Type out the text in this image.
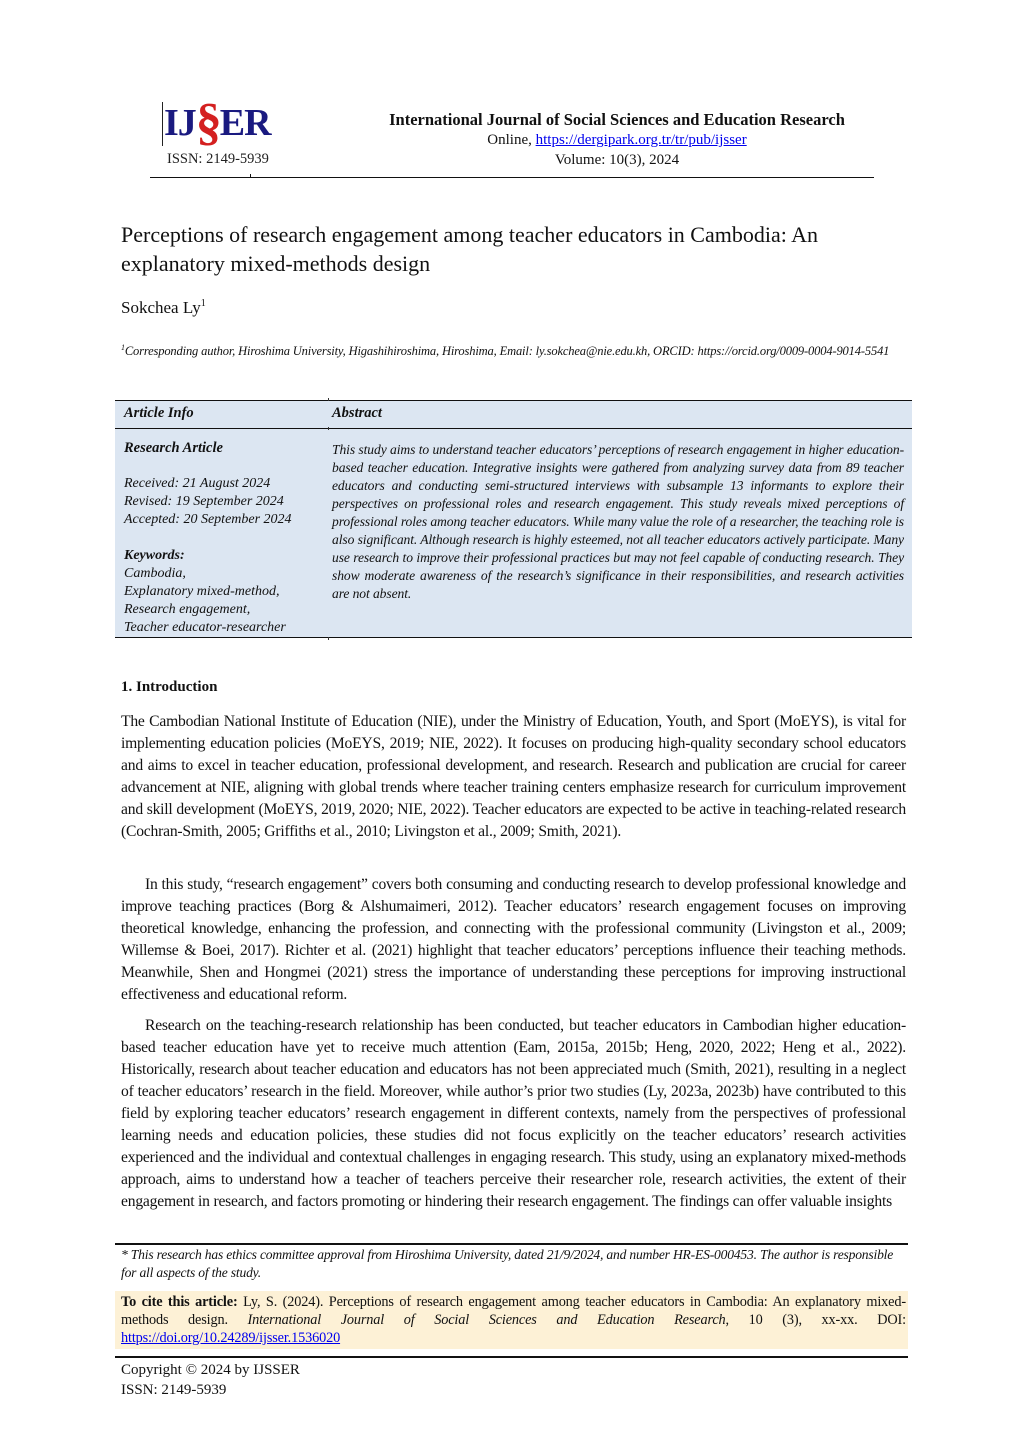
IJ§ER
ISSN: 2149-5939
International Journal of Social Sciences and Education Research
Online, https://dergipark.org.tr/tr/pub/ijsser
Volume: 10(3), 2024
Perceptions of research engagement among teacher educators in Cambodia: An explanatory mixed-methods design
Sokchea Ly$^1$
$^1$Corresponding author, Hiroshima University, Higashihiroshima, Hiroshima, Email: ly.sokchea@nie.edu.kh, ORCID: https://orcid.org/0009-0004-9014-5541
Article Info	Abstract
Research Article
Received: 21 August 2024
Revised: 19 September 2024
Accepted: 20 September 2024
Keywords:
Cambodia,
Explanatory mixed-method,
Research engagement,
Teacher educator-researcher
This study aims to understand teacher educators’ perceptions of research engagement in higher education-based teacher education. Integrative insights were gathered from analyzing survey data from 89 teacher educators and conducting semi-structured interviews with subsample 13 informants to explore their perspectives on professional roles and research engagement. This study reveals mixed perceptions of professional roles among teacher educators. While many value the role of a researcher, the teaching role is also significant. Although research is highly esteemed, not all teacher educators actively participate. Many use research to improve their professional practices but may not feel capable of conducting research. They show moderate awareness of the research’s significance in their responsibilities, and research activities are not absent.
1. Introduction
The Cambodian National Institute of Education (NIE), under the Ministry of Education, Youth, and Sport (MoEYS), is vital for implementing education policies (MoEYS, 2019; NIE, 2022). It focuses on producing high-quality secondary school educators and aims to excel in teacher education, professional development, and research. Research and publication are crucial for career advancement at NIE, aligning with global trends where teacher training centers emphasize research for curriculum improvement and skill development (MoEYS, 2019, 2020; NIE, 2022). Teacher educators are expected to be active in teaching-related research (Cochran-Smith, 2005; Griffiths et al., 2010; Livingston et al., 2009; Smith, 2021).
In this study, “research engagement” covers both consuming and conducting research to develop professional knowledge and improve teaching practices (Borg & Alshumaimeri, 2012). Teacher educators’ research engagement focuses on improving theoretical knowledge, enhancing the profession, and connecting with the professional community (Livingston et al., 2009; Willemse & Boei, 2017). Richter et al. (2021) highlight that teacher educators’ perceptions influence their teaching methods. Meanwhile, Shen and Hongmei (2021) stress the importance of understanding these perceptions for improving instructional effectiveness and educational reform.
Research on the teaching-research relationship has been conducted, but teacher educators in Cambodian higher education-based teacher education have yet to receive much attention (Eam, 2015a, 2015b; Heng, 2020, 2022; Heng et al., 2022). Historically, research about teacher education and educators has not been appreciated much (Smith, 2021), resulting in a neglect of teacher educators’ research in the field. Moreover, while author’s prior two studies (Ly, 2023a, 2023b) have contributed to this field by exploring teacher educators’ research engagement in different contexts, namely from the perspectives of professional learning needs and education policies, these studies did not focus explicitly on the teacher educators’ research activities experienced and the individual and contextual challenges in engaging research. This study, using an explanatory mixed-methods approach, aims to understand how a teacher of teachers perceive their researcher role, research activities, the extent of their engagement in research, and factors promoting or hindering their research engagement. The findings can offer valuable insights
* This research has ethics committee approval from Hiroshima University, dated 21/9/2024, and number HR-ES-000453. The author is responsible for all aspects of the study.
To cite this article: Ly, S. (2024). Perceptions of research engagement among teacher educators in Cambodia: An explanatory mixed-methods design. International Journal of Social Sciences and Education Research, 10 (3), xx-xx. DOI: https://doi.org/10.24289/ijsser.1536020
Copyright © 2024 by IJSSER
ISSN: 2149-5939
